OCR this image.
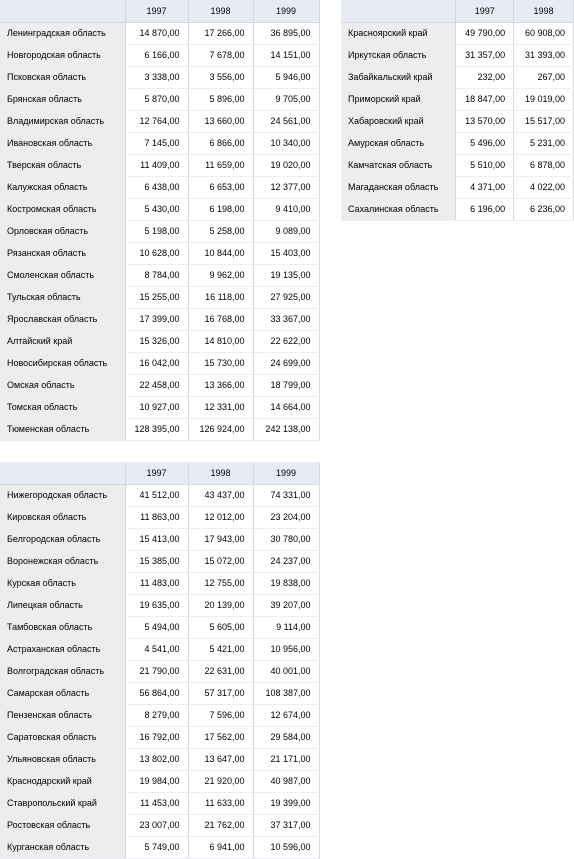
	1997	1998	1999
Ленинградская область	14 870,00	17 266,00	36 895,00
Новгородская область	6 166,00	7 678,00	14 151,00
Псковская область	3 338,00	3 556,00	5 946,00
Брянская область	5 870,00	5 896,00	9 705,00
Владимирская область	12 764,00	13 660,00	24 561,00
Ивановская область	7 145,00	6 866,00	10 340,00
Тверская область	11 409,00	11 659,00	19 020,00
Калужская область	6 438,00	6 653,00	12 377,00
Костромская область	5 430,00	6 198,00	9 410,00
Орловская область	5 198,00	5 258,00	9 089,00
Рязанская область	10 628,00	10 844,00	15 403,00
Смоленская область	8 784,00	9 962,00	19 135,00
Тульская область	15 255,00	16 118,00	27 925,00
Ярославская область	17 399,00	16 768,00	33 367,00
Алтайский край	15 326,00	14 810,00	22 622,00
Новосибирская область	16 042,00	15 730,00	24 699,00
Омская область	22 458,00	13 366,00	18 799,00
Томская область	10 927,00	12 331,00	14 664,00
Тюменская область	128 395,00	126 924,00	242 138,00
	1997	1998
Красноярский край	49 790,00	60 908,00
Иркутская область	31 357,00	31 393,00
Забайкальский край	232,00	267,00
Приморский край	18 847,00	19 019,00
Хабаровский край	13 570,00	15 517,00
Амурская область	5 496,00	5 231,00
Камчатская область	5 510,00	6 878,00
Магаданская область	4 371,00	4 022,00
Сахалинская область	6 196,00	6 236,00
	1997	1998	1999
Нижегородская область	41 512,00	43 437,00	74 331,00
Кировская область	11 863,00	12 012,00	23 204,00
Белгородская область	15 413,00	17 943,00	30 780,00
Воронежская область	15 385,00	15 072,00	24 237,00
Курская область	11 483,00	12 755,00	19 838,00
Липецкая область	19 635,00	20 139,00	39 207,00
Тамбовская область	5 494,00	5 605,00	9 114,00
Астраханская область	4 541,00	5 421,00	10 956,00
Волгоградская область	21 790,00	22 631,00	40 001,00
Самарская область	56 864,00	57 317,00	108 387,00
Пензенская область	8 279,00	7 596,00	12 674,00
Саратовская область	16 792,00	17 562,00	29 584,00
Ульяновская область	13 802,00	13 647,00	21 171,00
Краснодарский край	19 984,00	21 920,00	40 987,00
Ставропольский край	11 453,00	11 633,00	19 399,00
Ростовская область	23 007,00	21 762,00	37 317,00
Курганская область	5 749,00	6 941,00	10 596,00
